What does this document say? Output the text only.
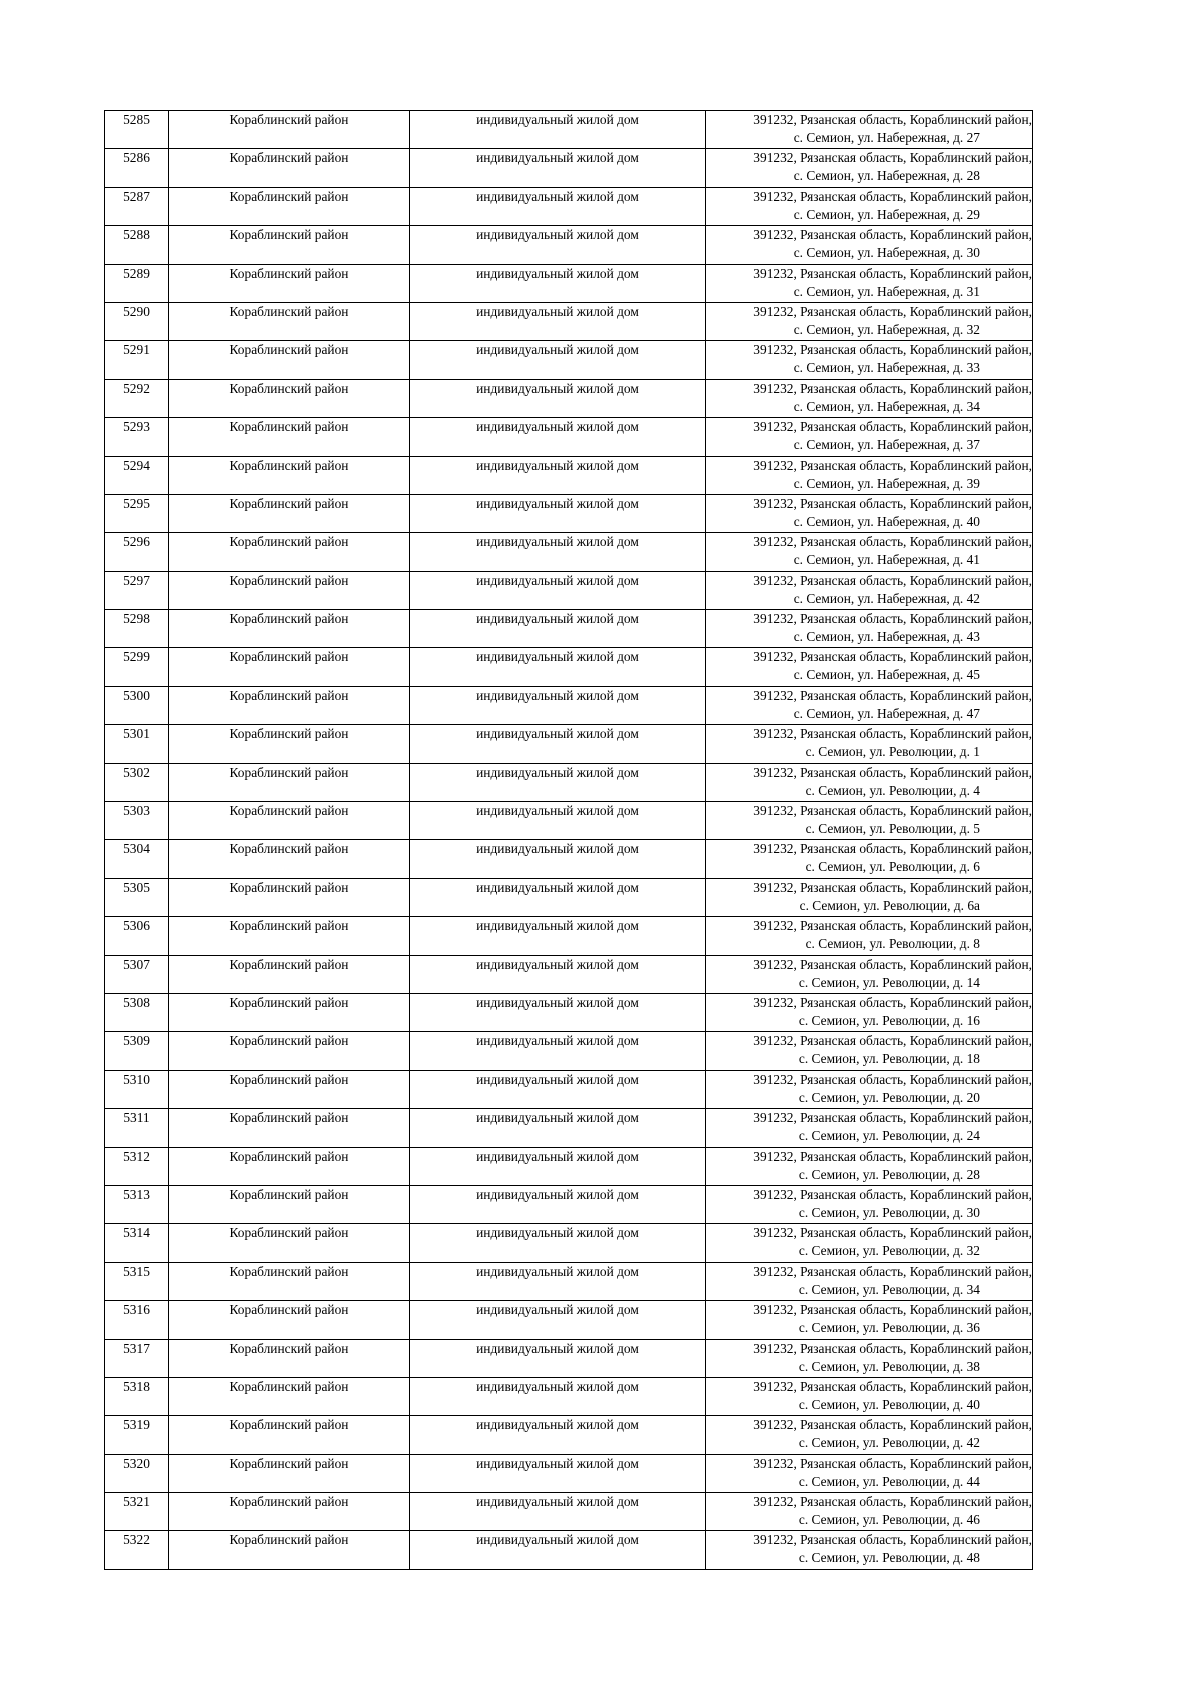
5285	Кораблинский район	индивидуальный жилой дом	391232, Рязанская область, Кораблинский район,
с. Семион, ул. Набережная, д. 27

5286	Кораблинский район	индивидуальный жилой дом	391232, Рязанская область, Кораблинский район,
с. Семион, ул. Набережная, д. 28

5287	Кораблинский район	индивидуальный жилой дом	391232, Рязанская область, Кораблинский район,
с. Семион, ул. Набережная, д. 29

5288	Кораблинский район	индивидуальный жилой дом	391232, Рязанская область, Кораблинский район,
с. Семион, ул. Набережная, д. 30

5289	Кораблинский район	индивидуальный жилой дом	391232, Рязанская область, Кораблинский район,
с. Семион, ул. Набережная, д. 31

5290	Кораблинский район	индивидуальный жилой дом	391232, Рязанская область, Кораблинский район,
с. Семион, ул. Набережная, д. 32

5291	Кораблинский район	индивидуальный жилой дом	391232, Рязанская область, Кораблинский район,
с. Семион, ул. Набережная, д. 33

5292	Кораблинский район	индивидуальный жилой дом	391232, Рязанская область, Кораблинский район,
с. Семион, ул. Набережная, д. 34

5293	Кораблинский район	индивидуальный жилой дом	391232, Рязанская область, Кораблинский район,
с. Семион, ул. Набережная, д. 37

5294	Кораблинский район	индивидуальный жилой дом	391232, Рязанская область, Кораблинский район,
с. Семион, ул. Набережная, д. 39

5295	Кораблинский район	индивидуальный жилой дом	391232, Рязанская область, Кораблинский район,
с. Семион, ул. Набережная, д. 40

5296	Кораблинский район	индивидуальный жилой дом	391232, Рязанская область, Кораблинский район,
с. Семион, ул. Набережная, д. 41

5297	Кораблинский район	индивидуальный жилой дом	391232, Рязанская область, Кораблинский район,
с. Семион, ул. Набережная, д. 42

5298	Кораблинский район	индивидуальный жилой дом	391232, Рязанская область, Кораблинский район,
с. Семион, ул. Набережная, д. 43

5299	Кораблинский район	индивидуальный жилой дом	391232, Рязанская область, Кораблинский район,
с. Семион, ул. Набережная, д. 45

5300	Кораблинский район	индивидуальный жилой дом	391232, Рязанская область, Кораблинский район,
с. Семион, ул. Набережная, д. 47

5301	Кораблинский район	индивидуальный жилой дом	391232, Рязанская область, Кораблинский район,
с. Семион, ул. Революции, д. 1

5302	Кораблинский район	индивидуальный жилой дом	391232, Рязанская область, Кораблинский район,
с. Семион, ул. Революции, д. 4

5303	Кораблинский район	индивидуальный жилой дом	391232, Рязанская область, Кораблинский район,
с. Семион, ул. Революции, д. 5

5304	Кораблинский район	индивидуальный жилой дом	391232, Рязанская область, Кораблинский район,
с. Семион, ул. Революции, д. 6

5305	Кораблинский район	индивидуальный жилой дом	391232, Рязанская область, Кораблинский район,
с. Семион, ул. Революции, д. 6а

5306	Кораблинский район	индивидуальный жилой дом	391232, Рязанская область, Кораблинский район,
с. Семион, ул. Революции, д. 8

5307	Кораблинский район	индивидуальный жилой дом	391232, Рязанская область, Кораблинский район,
с. Семион, ул. Революции, д. 14

5308	Кораблинский район	индивидуальный жилой дом	391232, Рязанская область, Кораблинский район,
с. Семион, ул. Революции, д. 16

5309	Кораблинский район	индивидуальный жилой дом	391232, Рязанская область, Кораблинский район,
с. Семион, ул. Революции, д. 18

5310	Кораблинский район	индивидуальный жилой дом	391232, Рязанская область, Кораблинский район,
с. Семион, ул. Революции, д. 20

5311	Кораблинский район	индивидуальный жилой дом	391232, Рязанская область, Кораблинский район,
с. Семион, ул. Революции, д. 24

5312	Кораблинский район	индивидуальный жилой дом	391232, Рязанская область, Кораблинский район,
с. Семион, ул. Революции, д. 28

5313	Кораблинский район	индивидуальный жилой дом	391232, Рязанская область, Кораблинский район,
с. Семион, ул. Революции, д. 30

5314	Кораблинский район	индивидуальный жилой дом	391232, Рязанская область, Кораблинский район,
с. Семион, ул. Революции, д. 32

5315	Кораблинский район	индивидуальный жилой дом	391232, Рязанская область, Кораблинский район,
с. Семион, ул. Революции, д. 34

5316	Кораблинский район	индивидуальный жилой дом	391232, Рязанская область, Кораблинский район,
с. Семион, ул. Революции, д. 36

5317	Кораблинский район	индивидуальный жилой дом	391232, Рязанская область, Кораблинский район,
с. Семион, ул. Революции, д. 38

5318	Кораблинский район	индивидуальный жилой дом	391232, Рязанская область, Кораблинский район,
с. Семион, ул. Революции, д. 40

5319	Кораблинский район	индивидуальный жилой дом	391232, Рязанская область, Кораблинский район,
с. Семион, ул. Революции, д. 42

5320	Кораблинский район	индивидуальный жилой дом	391232, Рязанская область, Кораблинский район,
с. Семион, ул. Революции, д. 44

5321	Кораблинский район	индивидуальный жилой дом	391232, Рязанская область, Кораблинский район,
с. Семион, ул. Революции, д. 46

5322	Кораблинский район	индивидуальный жилой дом	391232, Рязанская область, Кораблинский район,
с. Семион, ул. Революции, д. 48
